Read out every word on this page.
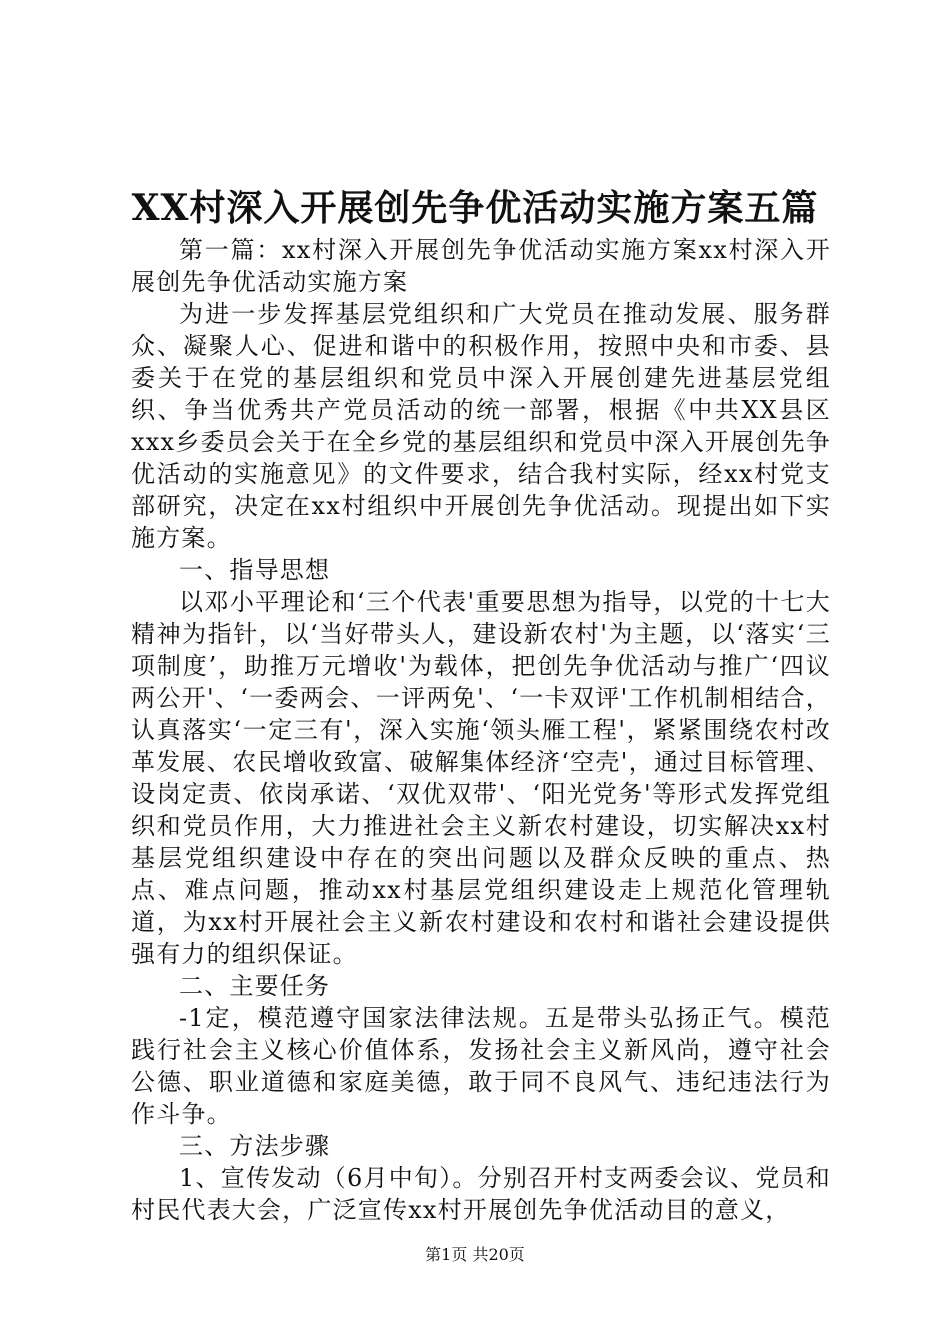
XX村深入开展创先争优活动实施方案五篇

第一篇：xx村深入开展创先争优活动实施方案xx村深入开展创先争优活动实施方案

为进一步发挥基层党组织和广大党员在推动发展、服务群众、凝聚人心、促进和谐中的积极作用，按照中央和市委、县委关于在党的基层组织和党员中深入开展创建先进基层党组织、争当优秀共产党员活动的统一部署，根据《中共XX县区xxx乡委员会关于在全乡党的基层组织和党员中深入开展创先争优活动的实施意见》的文件要求，结合我村实际，经xx村党支部研究，决定在xx村组织中开展创先争优活动。现提出如下实施方案。

一、指导思想

以邓小平理论和‘三个代表'重要思想为指导，以党的十七大精神为指针，以‘当好带头人，建设新农村'为主题，以‘落实‘三项制度’，助推万元增收'为载体，把创先争优活动与推广‘四议两公开'、‘一委两会、一评两免'、‘一卡双评'工作机制相结合，认真落实‘一定三有'，深入实施‘领头雁工程'，紧紧围绕农村改革发展、农民增收致富、破解集体经济‘空壳'，通过目标管理、设岗定责、依岗承诺、‘双优双带'、‘阳光党务'等形式发挥党组织和党员作用，大力推进社会主义新农村建设，切实解决xx村基层党组织建设中存在的突出问题以及群众反映的重点、热点、难点问题，推动xx村基层党组织建设走上规范化管理轨道，为xx村开展社会主义新农村建设和农村和谐社会建设提供强有力的组织保证。

二、主要任务

-1定，模范遵守国家法律法规。五是带头弘扬正气。模范践行社会主义核心价值体系，发扬社会主义新风尚，遵守社会公德、职业道德和家庭美德，敢于同不良风气、违纪违法行为作斗争。

三、方法步骤

1、宣传发动（6月中旬）。分别召开村支两委会议、党员和村民代表大会，广泛宣传xx村开展创先争优活动目的意义，

第1页 共20页
